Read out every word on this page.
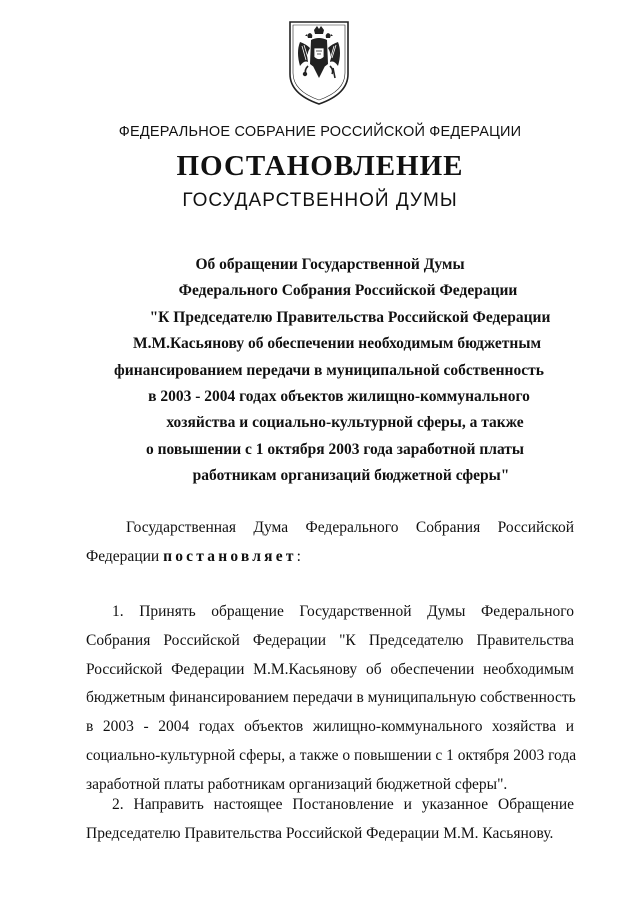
ФЕДЕРАЛЬНОЕ СОБРАНИЕ РОССИЙСКОЙ ФЕДЕРАЦИИ
ПОСТАНОВЛЕНИЕ
ГОСУДАРСТВЕННОЙ ДУМЫ
Об обращении Государственной Думы
Федерального Собрания Российской Федерации
"К Председателю Правительства Российской Федерации
М.М.Касьянову об обеспечении необходимым бюджетным
финансированием передачи в муниципальной собственность
в 2003 - 2004 годах объектов жилищно-коммунального
хозяйства и социально-культурной сферы, а также
о повышении с 1 октября 2003 года заработной платы
работникам организаций бюджетной сферы"
Государственная Дума Федерального Собрания Российской
Федерации постановляет:
1. Принять обращение Государственной Думы Федерального
Собрания Российской Федерации "К Председателю Правительства
Российской Федерации М.М.Касьянову об обеспечении необходимым
бюджетным финансированием передачи в муниципальную собственность
в 2003 - 2004 годах объектов жилищно-коммунального хозяйства и
социально-культурной сферы, а также о повышении с 1 октября 2003 года
заработной платы работникам организаций бюджетной сферы".
2. Направить настоящее Постановление и указанное Обращение
Председателю Правительства Российской Федерации М.М. Касьянову.
